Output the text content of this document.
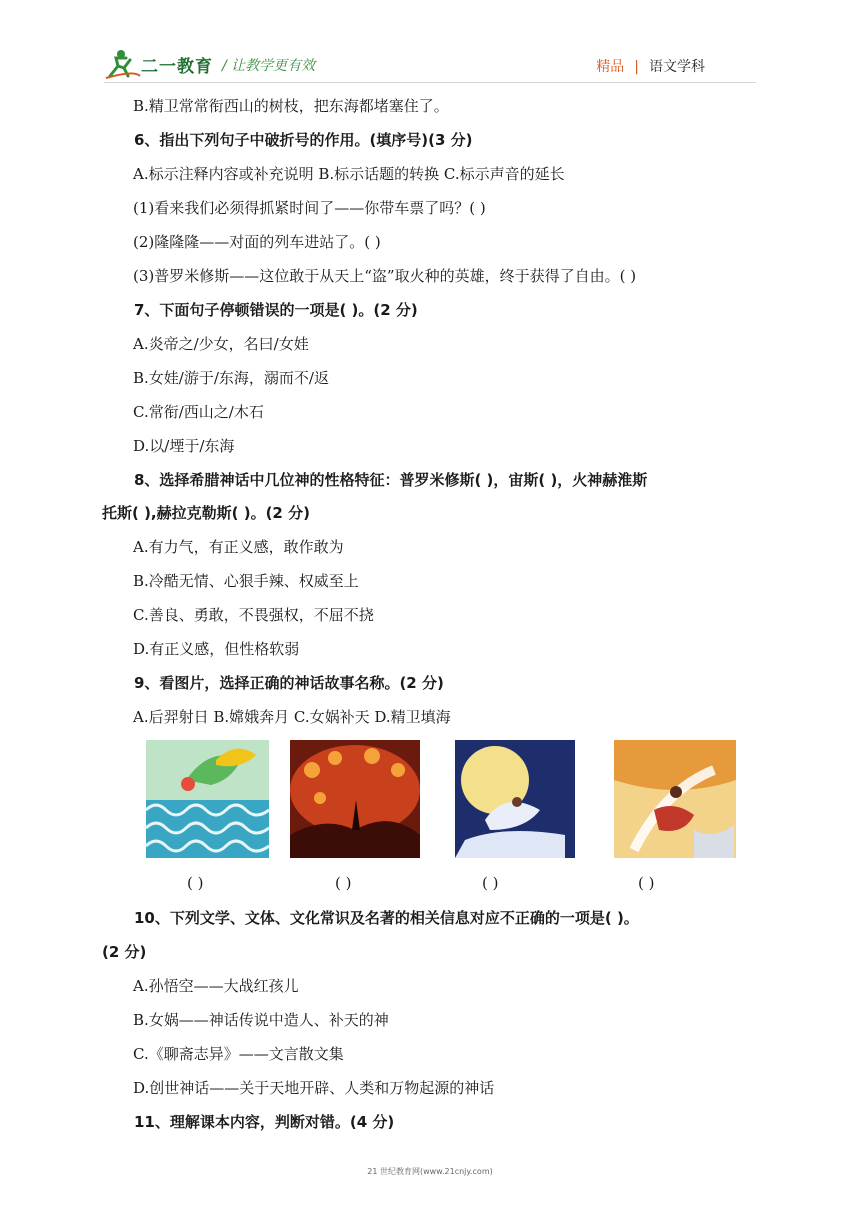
二一教育 / 让教学更有效	精品 | 语文学科
B.精卫常常衔西山的树枝，把东海都堵塞住了。
6、指出下列句子中破折号的作用。(填序号)(3 分)
A.标示注释内容或补充说明 B.标示话题的转换 C.标示声音的延长
(1)看来我们必须得抓紧时间了——你带车票了吗？( )
(2)隆隆隆——对面的列车进站了。( )
(3)普罗米修斯——这位敢于从天上“盗”取火种的英雄，终于获得了自由。( )
7、下面句子停顿错误的一项是( )。(2 分)
A.炎帝之/少女，名曰/女娃
B.女娃/游于/东海，溺而不/返
C.常衔/西山之/木石
D.以/堙于/东海
8、选择希腊神话中几位神的性格特征：普罗米修斯( )，宙斯( )，火神赫淮斯
托斯( ),赫拉克勒斯( )。(2 分)
A.有力气，有正义感，敢作敢为
B.冷酷无情、心狠手辣、权威至上
C.善良、勇敢，不畏强权，不屈不挠
D.有正义感，但性格软弱
9、看图片，选择正确的神话故事名称。(2 分)
A.后羿射日 B.嫦娥奔月 C.女娲补天 D.精卫填海
( )	( )	( )	( )
10、下列文学、文体、文化常识及名著的相关信息对应不正确的一项是( )。
(2 分)
A.孙悟空——大战红孩儿
B.女娲——神话传说中造人、补天的神
C.《聊斋志异》——文言散文集
D.创世神话——关于天地开辟、人类和万物起源的神话
11、理解课本内容，判断对错。(4 分)
21 世纪教育网(www.21cnjy.com)
